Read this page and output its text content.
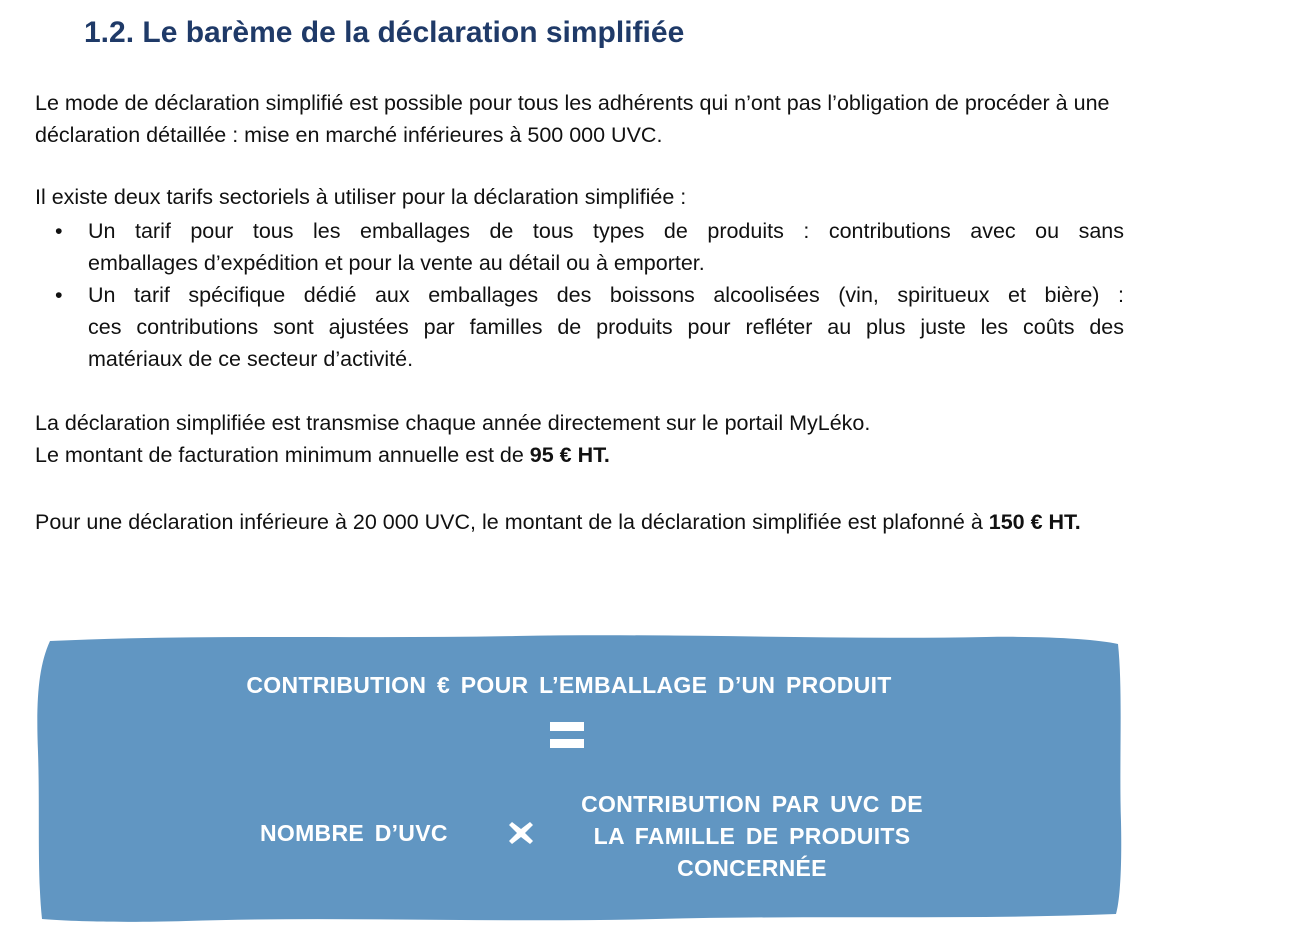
1.2. Le barème de la déclaration simplifiée

Le mode de déclaration simplifié est possible pour tous les adhérents qui n’ont pas l’obligation de procéder à une
déclaration détaillée : mise en marché inférieures à 500 000 UVC.

Il existe deux tarifs sectoriels à utiliser pour la déclaration simplifiée :

• Un tarif pour tous les emballages de tous types de produits : contributions avec ou sans
emballages d’expédition et pour la vente au détail ou à emporter.
• Un tarif spécifique dédié aux emballages des boissons alcoolisées (vin, spiritueux et bière) :
ces contributions sont ajustées par familles de produits pour refléter au plus juste les coûts des
matériaux de ce secteur d’activité.

La déclaration simplifiée est transmise chaque année directement sur le portail MyLéko.
Le montant de facturation minimum annuelle est de 95 € HT.

Pour une déclaration inférieure à 20 000 UVC, le montant de la déclaration simplifiée est plafonné à 150 € HT.

CONTRIBUTION € POUR L’EMBALLAGE D’UN PRODUIT
NOMBRE D’UVC
CONTRIBUTION PAR UVC DE
LA FAMILLE DE PRODUITS
CONCERNÉE
